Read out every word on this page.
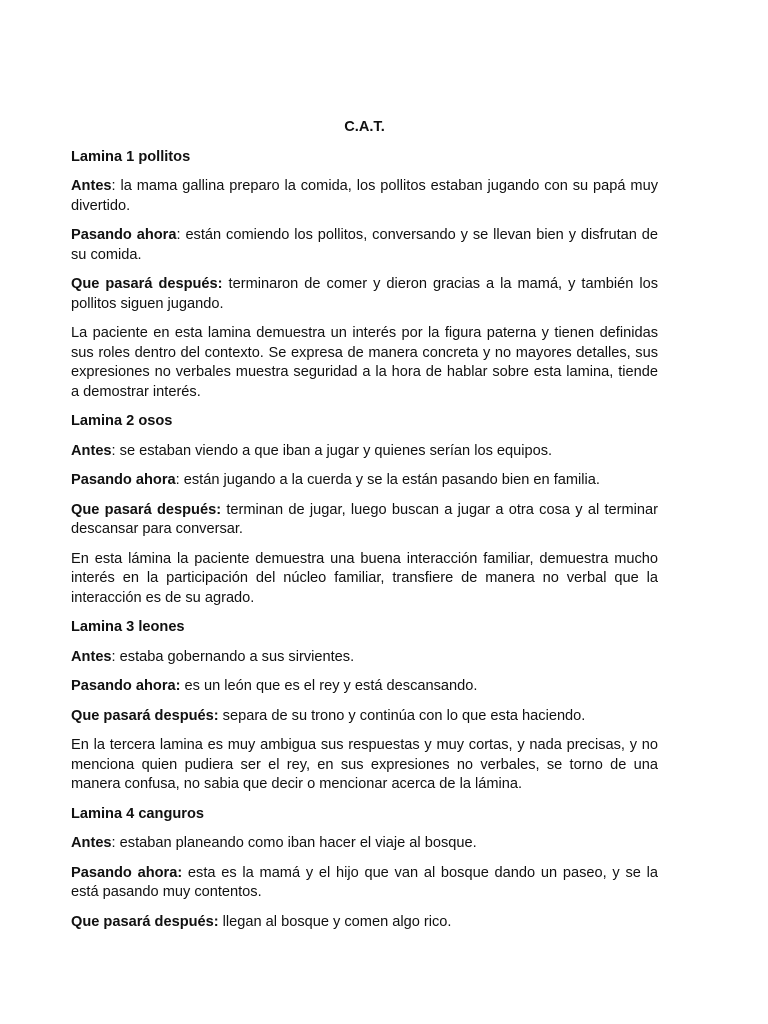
C.A.T.
Lamina 1 pollitos

Antes: la mama gallina preparo la comida, los pollitos estaban jugando con su papá muy divertido.

Pasando ahora: están comiendo los pollitos, conversando y se llevan bien y disfrutan de su comida.

Que pasará después: terminaron de comer y dieron gracias a la mamá, y también los pollitos siguen jugando.

La paciente en esta lamina demuestra un interés por la figura paterna y tienen definidas sus roles dentro del contexto. Se expresa de manera concreta y no mayores detalles, sus expresiones no verbales muestra seguridad a la hora de hablar sobre esta lamina, tiende a demostrar interés.

Lamina 2 osos

Antes: se estaban viendo a que iban a jugar y quienes serían los equipos.

Pasando ahora: están jugando a la cuerda y se la están pasando bien en familia.

Que pasará después: terminan de jugar, luego buscan a jugar a otra cosa y al terminar descansar para conversar.

En esta lámina la paciente demuestra una buena interacción familiar, demuestra mucho interés en la participación del núcleo familiar, transfiere de manera no verbal que la interacción es de su agrado.

Lamina 3 leones

Antes: estaba gobernando a sus sirvientes.

Pasando ahora: es un león que es el rey y está descansando.

Que pasará después: separa de su trono y continúa con lo que esta haciendo.

En la tercera lamina es muy ambigua sus respuestas y muy cortas, y nada precisas, y no menciona quien pudiera ser el rey, en sus expresiones no verbales, se torno de una manera confusa, no sabia que decir o mencionar acerca de la lámina.

Lamina 4 canguros

Antes: estaban planeando como iban hacer el viaje al bosque.

Pasando ahora: esta es la mamá y el hijo que van al bosque dando un paseo, y se la está pasando muy contentos.

Que pasará después: llegan al bosque y comen algo rico.
